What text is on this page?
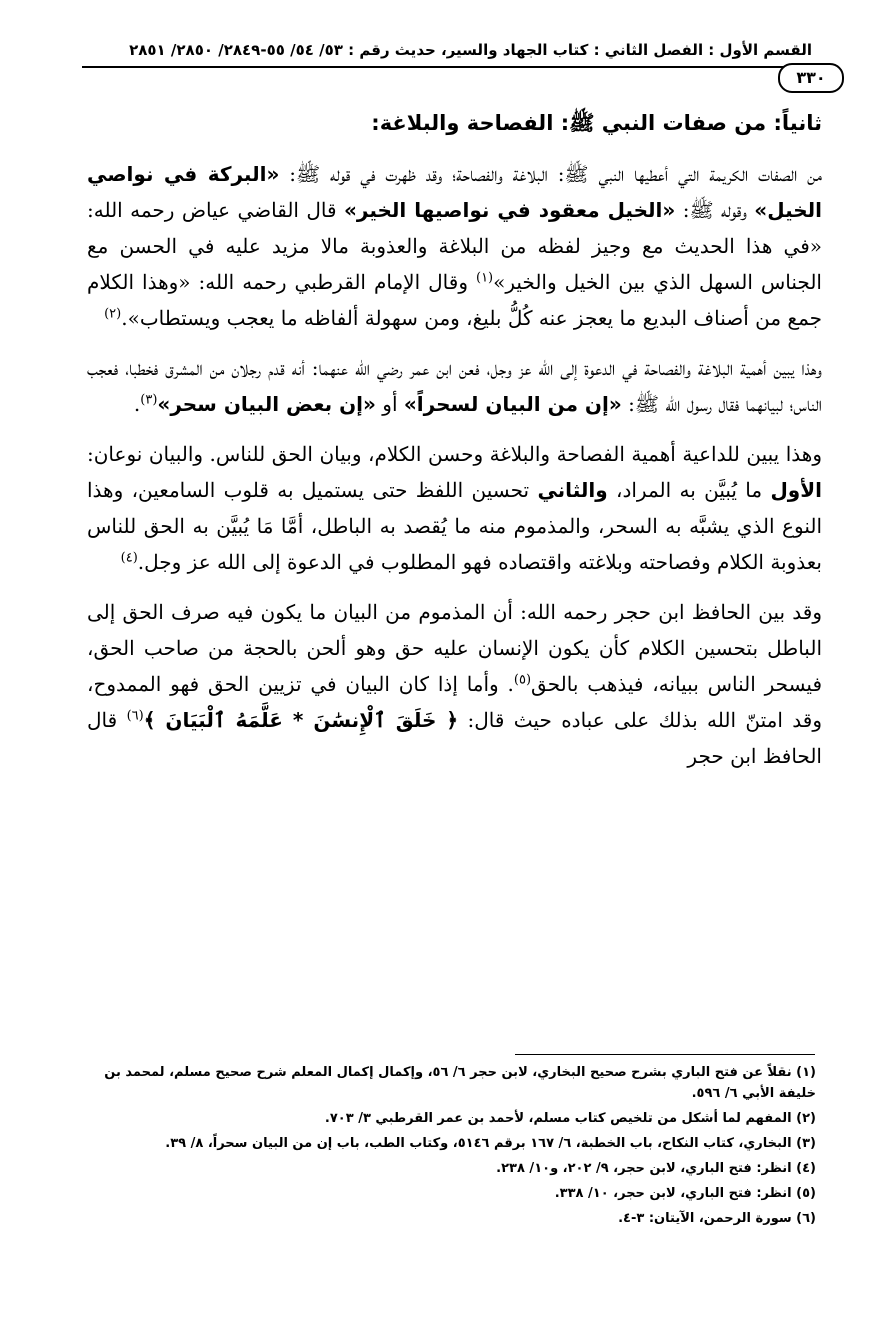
القسم الأول : الفصل الثاني : كتاب الجهاد والسير، حديث رقم : ٥٣/ ٥٤/ ٥٥-٢٨٤٩/ ٢٨٥٠/ ٢٨٥١
٣٣٠
ثانياً: من صفات النبي ﷺ: الفصاحة والبلاغة:

من الصفات الكريمة التي أعطيها النبي ﷺ: البلاغة والفصاحة؛ وقد ظهرت في قوله ﷺ: «البركة في نواصي الخيل» وقوله ﷺ: «الخيل معقود في نواصيها الخير» قال القاضي عياض رحمه الله: «في هذا الحديث مع وجيز لفظه من البلاغة والعذوبة مالا مزيد عليه في الحسن مع الجناس السهل الذي بين الخيل والخير»$^{(١)}$ وقال الإمام القرطبي رحمه الله: «وهذا الكلام جمع من أصناف البديع ما يعجز عنه كُلُّ بليغ، ومن سهولة ألفاظه ما يعجب ويستطاب».$^{(٢)}$

وهذا يبين أهمية البلاغة والفصاحة في الدعوة إلى الله عز وجل، فعن ابن عمر رضي الله عنهما: أنه قدم رجلان من المشرق فخطبا، فعجب الناس؛ لبيانهما فقال رسول الله ﷺ: «إن من البيان لسحراً» أو «إن بعض البيان سحر»$^{(٣)}$.

وهذا يبين للداعية أهمية الفصاحة والبلاغة وحسن الكلام، وبيان الحق للناس. والبيان نوعان: الأول ما يُبيَّن به المراد، والثاني تحسين اللفظ حتى يستميل به قلوب السامعين، وهذا النوع الذي يشبَّه به السحر، والمذموم منه ما يُقصد به الباطل، أمَّا مَا يُبيَّن به الحق للناس بعذوبة الكلام وفصاحته وبلاغته واقتصاده فهو المطلوب في الدعوة إلى الله عز وجل.$^{(٤)}$

وقد بين الحافظ ابن حجر رحمه الله: أن المذموم من البيان ما يكون فيه صرف الحق إلى الباطل بتحسين الكلام كأن يكون الإنسان عليه حق وهو ألحن بالحجة من صاحب الحق، فيسحر الناس ببيانه، فيذهب بالحق$^{(٥)}$. وأما إذا كان البيان في تزيين الحق فهو الممدوح، وقد امتنّ الله بذلك على عباده حيث قال: ﴿ خَلَقَ ٱلْإِنسَٰنَ * عَلَّمَهُ ٱلْبَيَانَ ﴾$^{(٦)}$ قال الحافظ ابن حجر

(١) نقلاً عن فتح الباري بشرح صحيح البخاري، لابن حجر ٦/ ٥٦، وإكمال إكمال المعلم شرح صحيح مسلم، لمحمد بن خليفة الأبي ٦/ ٥٩٦.

(٢) المفهم لما أشكل من تلخيص كتاب مسلم، لأحمد بن عمر القرطبي ٣/ ٧٠٣.

(٣) البخاري، كتاب النكاح، باب الخطبة، ٦/ ١٦٧ برقم ٥١٤٦، وكتاب الطب، باب إن من البيان سحراً، ٨/ ٣٩.

(٤) انظر: فتح الباري، لابن حجر، ٩/ ٢٠٢، و١٠/ ٢٣٨.

(٥) انظر: فتح الباري، لابن حجر، ١٠/ ٣٣٨.

(٦) سورة الرحمن، الآيتان: ٣-٤.
